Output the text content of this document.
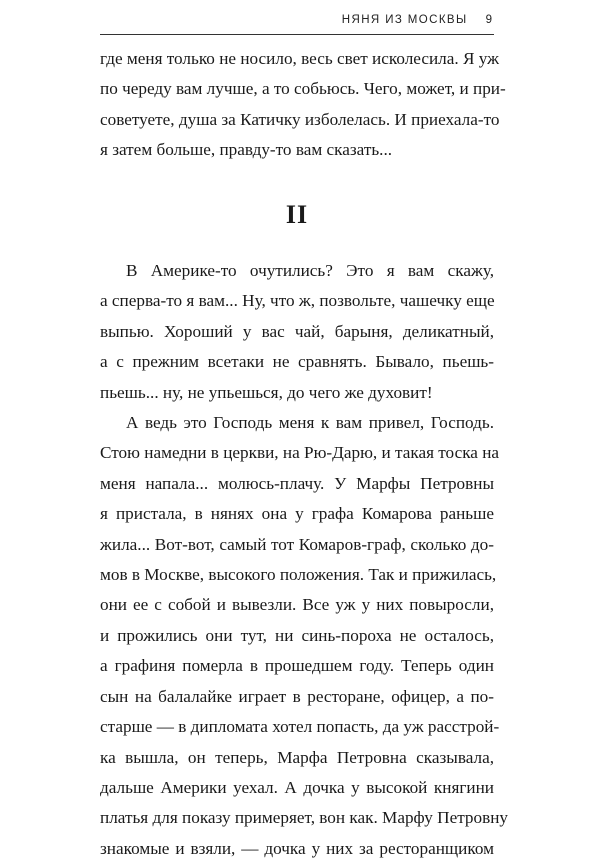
НЯНЯ ИЗ МОСКВЫ 9
где меня только не носило, весь свет исколесила. Я уж
по череду вам лучше, а то собьюсь. Чего, может, и при-
советуете, душа за Катичку изболелась. И приехала-то
я затем больше, правду-то вам сказать...
II
В Америке-то очутились? Это я вам скажу,
а сперва-то я вам... Ну, что ж, позвольте, чашечку еще
выпью. Хороший у вас чай, барыня, деликатный,
а с прежним всетаки не сравнять. Бывало, пьешь-
пьешь... ну, не упьешься, до чего же духовит!
А ведь это Господь меня к вам привел, Господь.
Стою намедни в церкви, на Рю-Дарю, и такая тоска на
меня напала... молюсь-плачу. У Марфы Петровны
я пристала, в нянях она у графа Комарова раньше
жила... Вот-вот, самый тот Комаров-граф, сколько до-
мов в Москве, высокого положения. Так и прижилась,
они ее с собой и вывезли. Все уж у них повыросли,
и прожились они тут, ни синь-пороха не осталось,
а графиня померла в прошедшем году. Теперь один
сын на балалайке играет в ресторане, офицер, а по-
старше — в дипломата хотел попасть, да уж расстрой-
ка вышла, он теперь, Марфа Петровна сказывала,
дальше Америки уехал. А дочка у высокой княгини
платья для показу примеряет, вон как. Марфу Петровну
знакомые и взяли, — дочка у них за ресторанщиком
